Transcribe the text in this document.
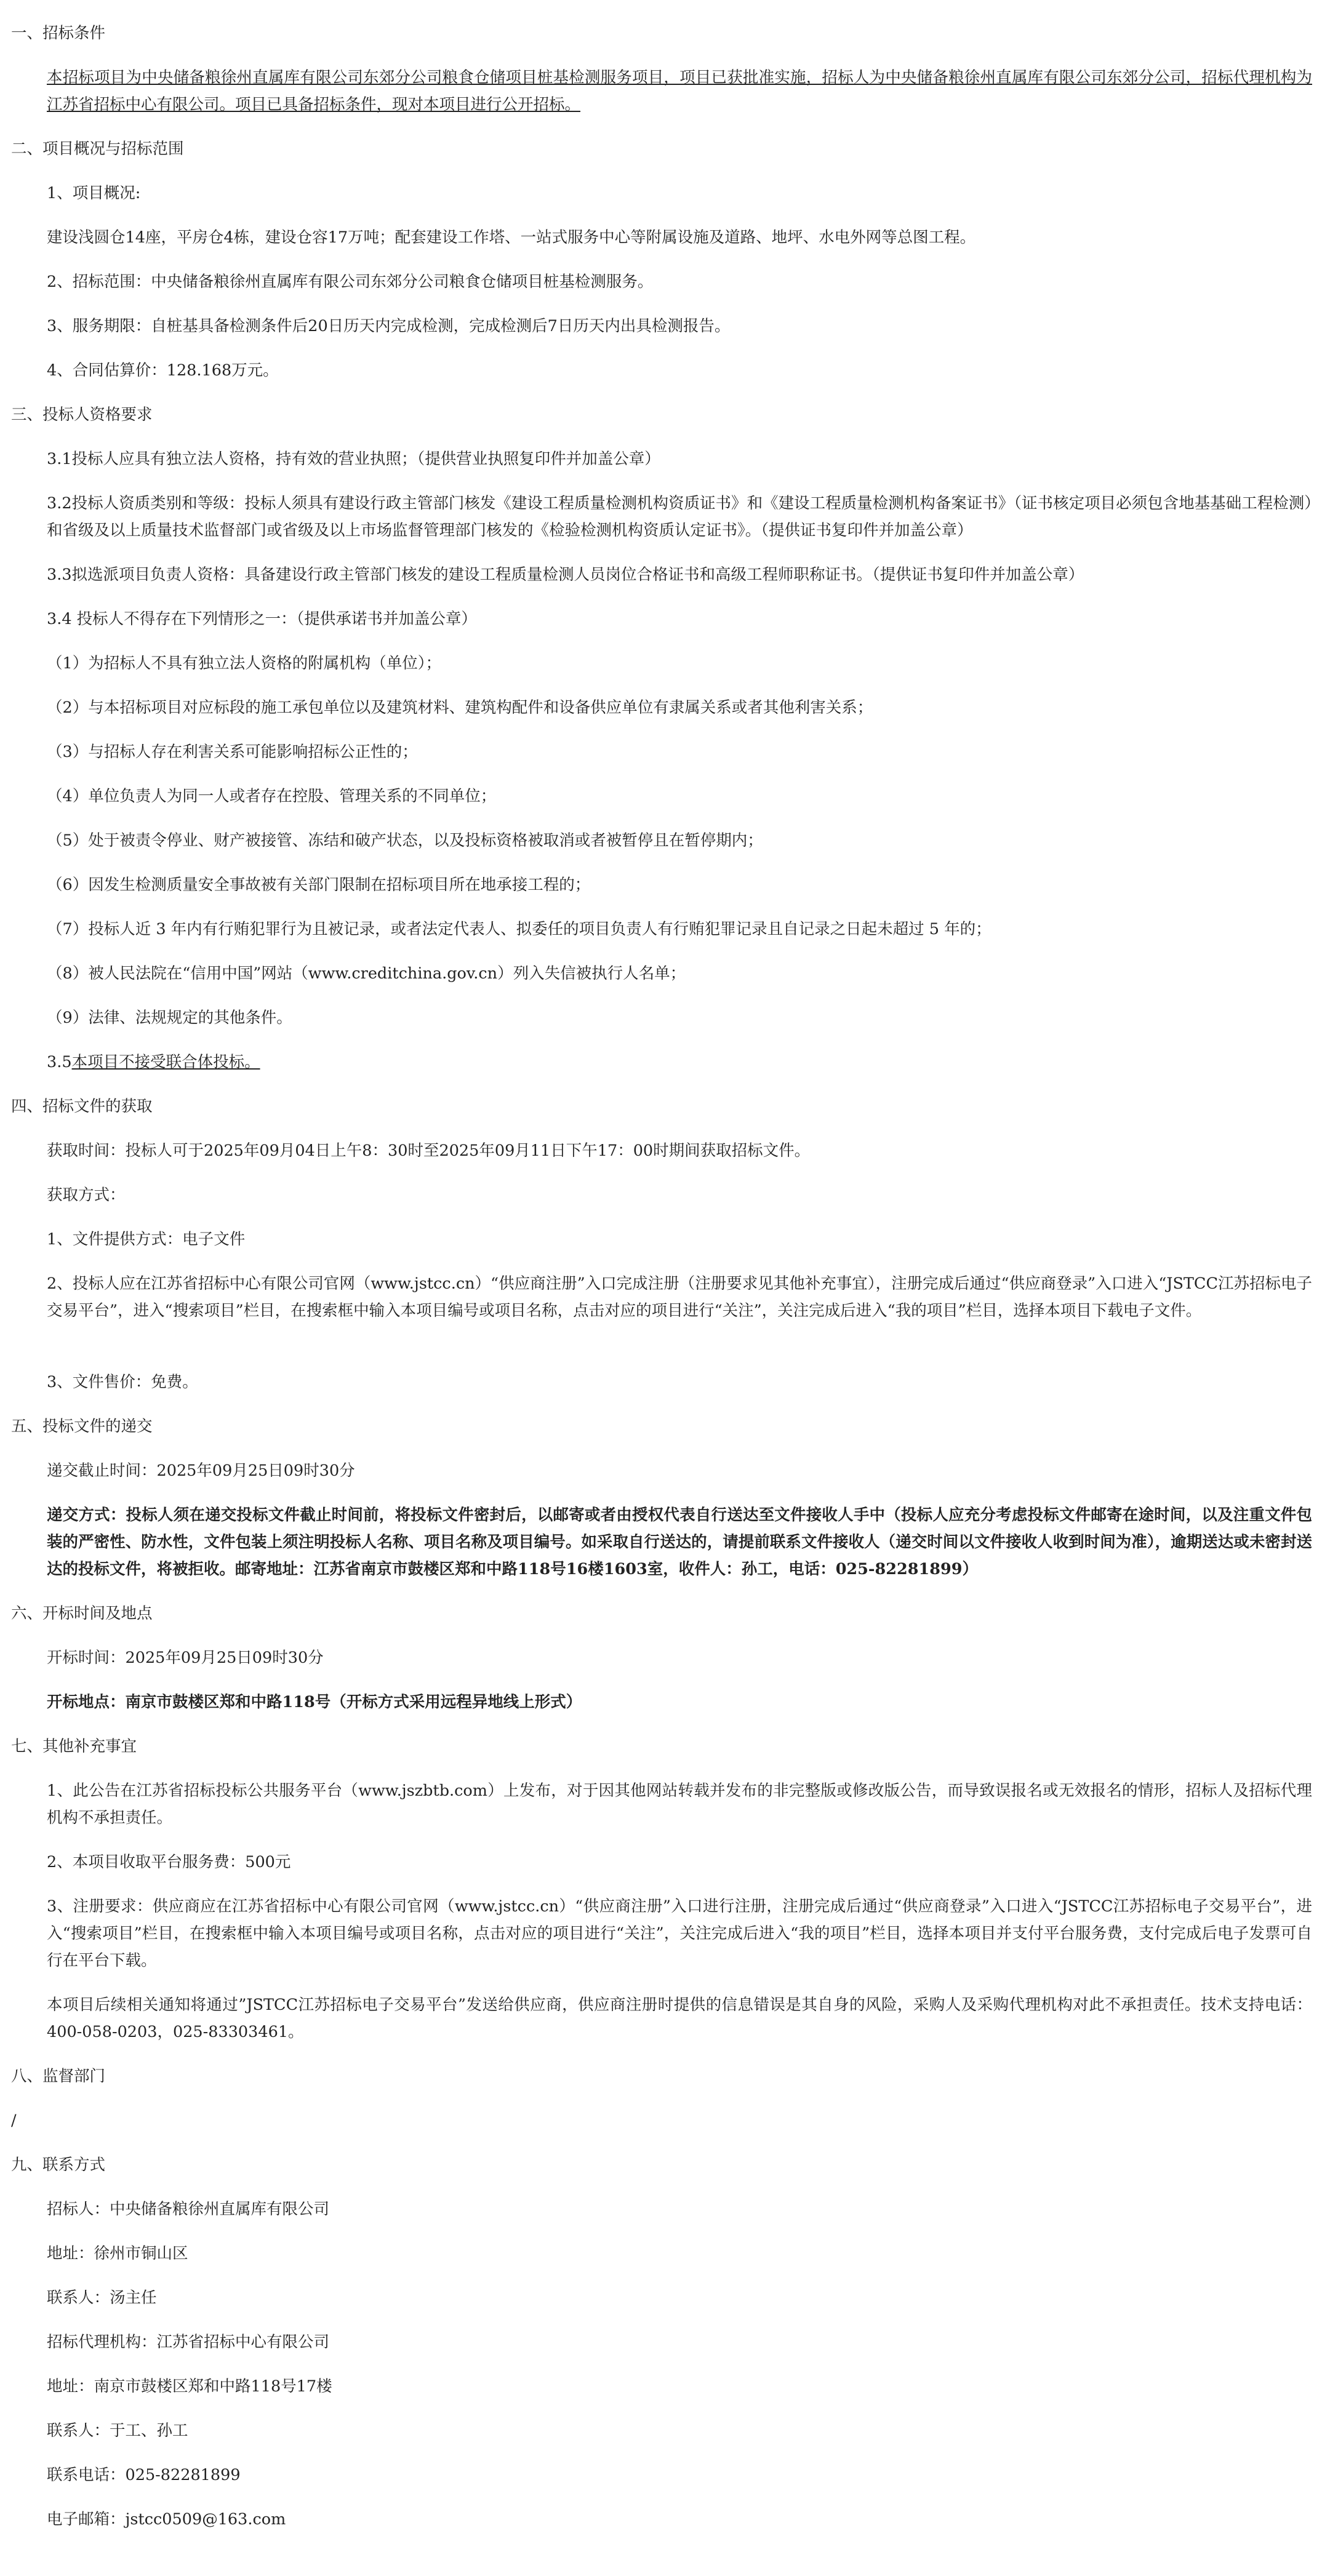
一、招标条件
本招标项目为中央储备粮徐州直属库有限公司东郊分公司粮食仓储项目桩基检测服务项目，项目已获批准实施，招标人为中央储备粮徐州直属库有限公司东郊分公司，招标代理机构为江苏省招标中心有限公司。项目已具备招标条件，现对本项目进行公开招标。
二、项目概况与招标范围
1、项目概况:
建设浅圆仓14座，平房仓4栋，建设仓容17万吨；配套建设工作塔、一站式服务中心等附属设施及道路、地坪、水电外网等总图工程。
2、招标范围：中央储备粮徐州直属库有限公司东郊分公司粮食仓储项目桩基检测服务。
3、服务期限：自桩基具备检测条件后20日历天内完成检测，完成检测后7日历天内出具检测报告。
4、合同估算价：128.168万元。
三、投标人资格要求
3.1投标人应具有独立法人资格，持有效的营业执照；（提供营业执照复印件并加盖公章）
3.2投标人资质类别和等级：投标人须具有建设行政主管部门核发《建设工程质量检测机构资质证书》和《建设工程质量检测机构备案证书》（证书核定项目必须包含地基基础工程检测）和省级及以上质量技术监督部门或省级及以上市场监督管理部门核发的《检验检测机构资质认定证书》。（提供证书复印件并加盖公章）
3.3拟选派项目负责人资格：具备建设行政主管部门核发的建设工程质量检测人员岗位合格证书和高级工程师职称证书。（提供证书复印件并加盖公章）
3.4 投标人不得存在下列情形之一：（提供承诺书并加盖公章）
（1）为招标人不具有独立法人资格的附属机构（单位）；
（2）与本招标项目对应标段的施工承包单位以及建筑材料、建筑构配件和设备供应单位有隶属关系或者其他利害关系；
（3）与招标人存在利害关系可能影响招标公正性的；
（4）单位负责人为同一人或者存在控股、管理关系的不同单位；
（5）处于被责令停业、财产被接管、冻结和破产状态，以及投标资格被取消或者被暂停且在暂停期内；
（6）因发生检测质量安全事故被有关部门限制在招标项目所在地承接工程的；
（7）投标人近 3 年内有行贿犯罪行为且被记录，或者法定代表人、拟委任的项目负责人有行贿犯罪记录且自记录之日起未超过 5 年的；
（8）被人民法院在“信用中国”网站（www.creditchina.gov.cn）列入失信被执行人名单；
（9）法律、法规规定的其他条件。
3.5本项目不接受联合体投标。
四、招标文件的获取
获取时间：投标人可于2025年09月04日上午8：30时至2025年09月11日下午17：00时期间获取招标文件。
获取方式：
1、文件提供方式：电子文件
2、投标人应在江苏省招标中心有限公司官网（www.jstcc.cn）“供应商注册”入口完成注册（注册要求见其他补充事宜），注册完成后通过“供应商登录”入口进入“JSTCC江苏招标电子交易平台”，进入“搜索项目”栏目，在搜索框中输入本项目编号或项目名称，点击对应的项目进行“关注”，关注完成后进入“我的项目”栏目，选择本项目下载电子文件。
3、文件售价：免费。
五、投标文件的递交
递交截止时间：2025年09月25日09时30分
递交方式：投标人须在递交投标文件截止时间前，将投标文件密封后，以邮寄或者由授权代表自行送达至文件接收人手中（投标人应充分考虑投标文件邮寄在途时间，以及注重文件包装的严密性、防水性，文件包装上须注明投标人名称、项目名称及项目编号。如采取自行送达的，请提前联系文件接收人（递交时间以文件接收人收到时间为准），逾期送达或未密封送达的投标文件，将被拒收。邮寄地址：江苏省南京市鼓楼区郑和中路118号16楼1603室，收件人：孙工，电话：025-82281899）
六、开标时间及地点
开标时间：2025年09月25日09时30分
开标地点：南京市鼓楼区郑和中路118号（开标方式采用远程异地线上形式）
七、其他补充事宜
1、此公告在江苏省招标投标公共服务平台（www.jszbtb.com）上发布，对于因其他网站转载并发布的非完整版或修改版公告，而导致误报名或无效报名的情形，招标人及招标代理机构不承担责任。
2、本项目收取平台服务费：500元
3、注册要求：供应商应在江苏省招标中心有限公司官网（www.jstcc.cn）“供应商注册”入口进行注册，注册完成后通过“供应商登录”入口进入“JSTCC江苏招标电子交易平台”，进入“搜索项目”栏目，在搜索框中输入本项目编号或项目名称，点击对应的项目进行“关注”，关注完成后进入“我的项目”栏目，选择本项目并支付平台服务费，支付完成后电子发票可自行在平台下载。
本项目后续相关通知将通过”JSTCC江苏招标电子交易平台”发送给供应商，供应商注册时提供的信息错误是其自身的风险，采购人及采购代理机构对此不承担责任。技术支持电话：400-058-0203，025-83303461。
八、监督部门
/
九、联系方式
招标人：中央储备粮徐州直属库有限公司
地址：徐州市铜山区
联系人：汤主任
招标代理机构：江苏省招标中心有限公司
地址：南京市鼓楼区郑和中路118号17楼
联系人：于工、孙工
联系电话：025-82281899
电子邮箱：jstcc0509@163.com
